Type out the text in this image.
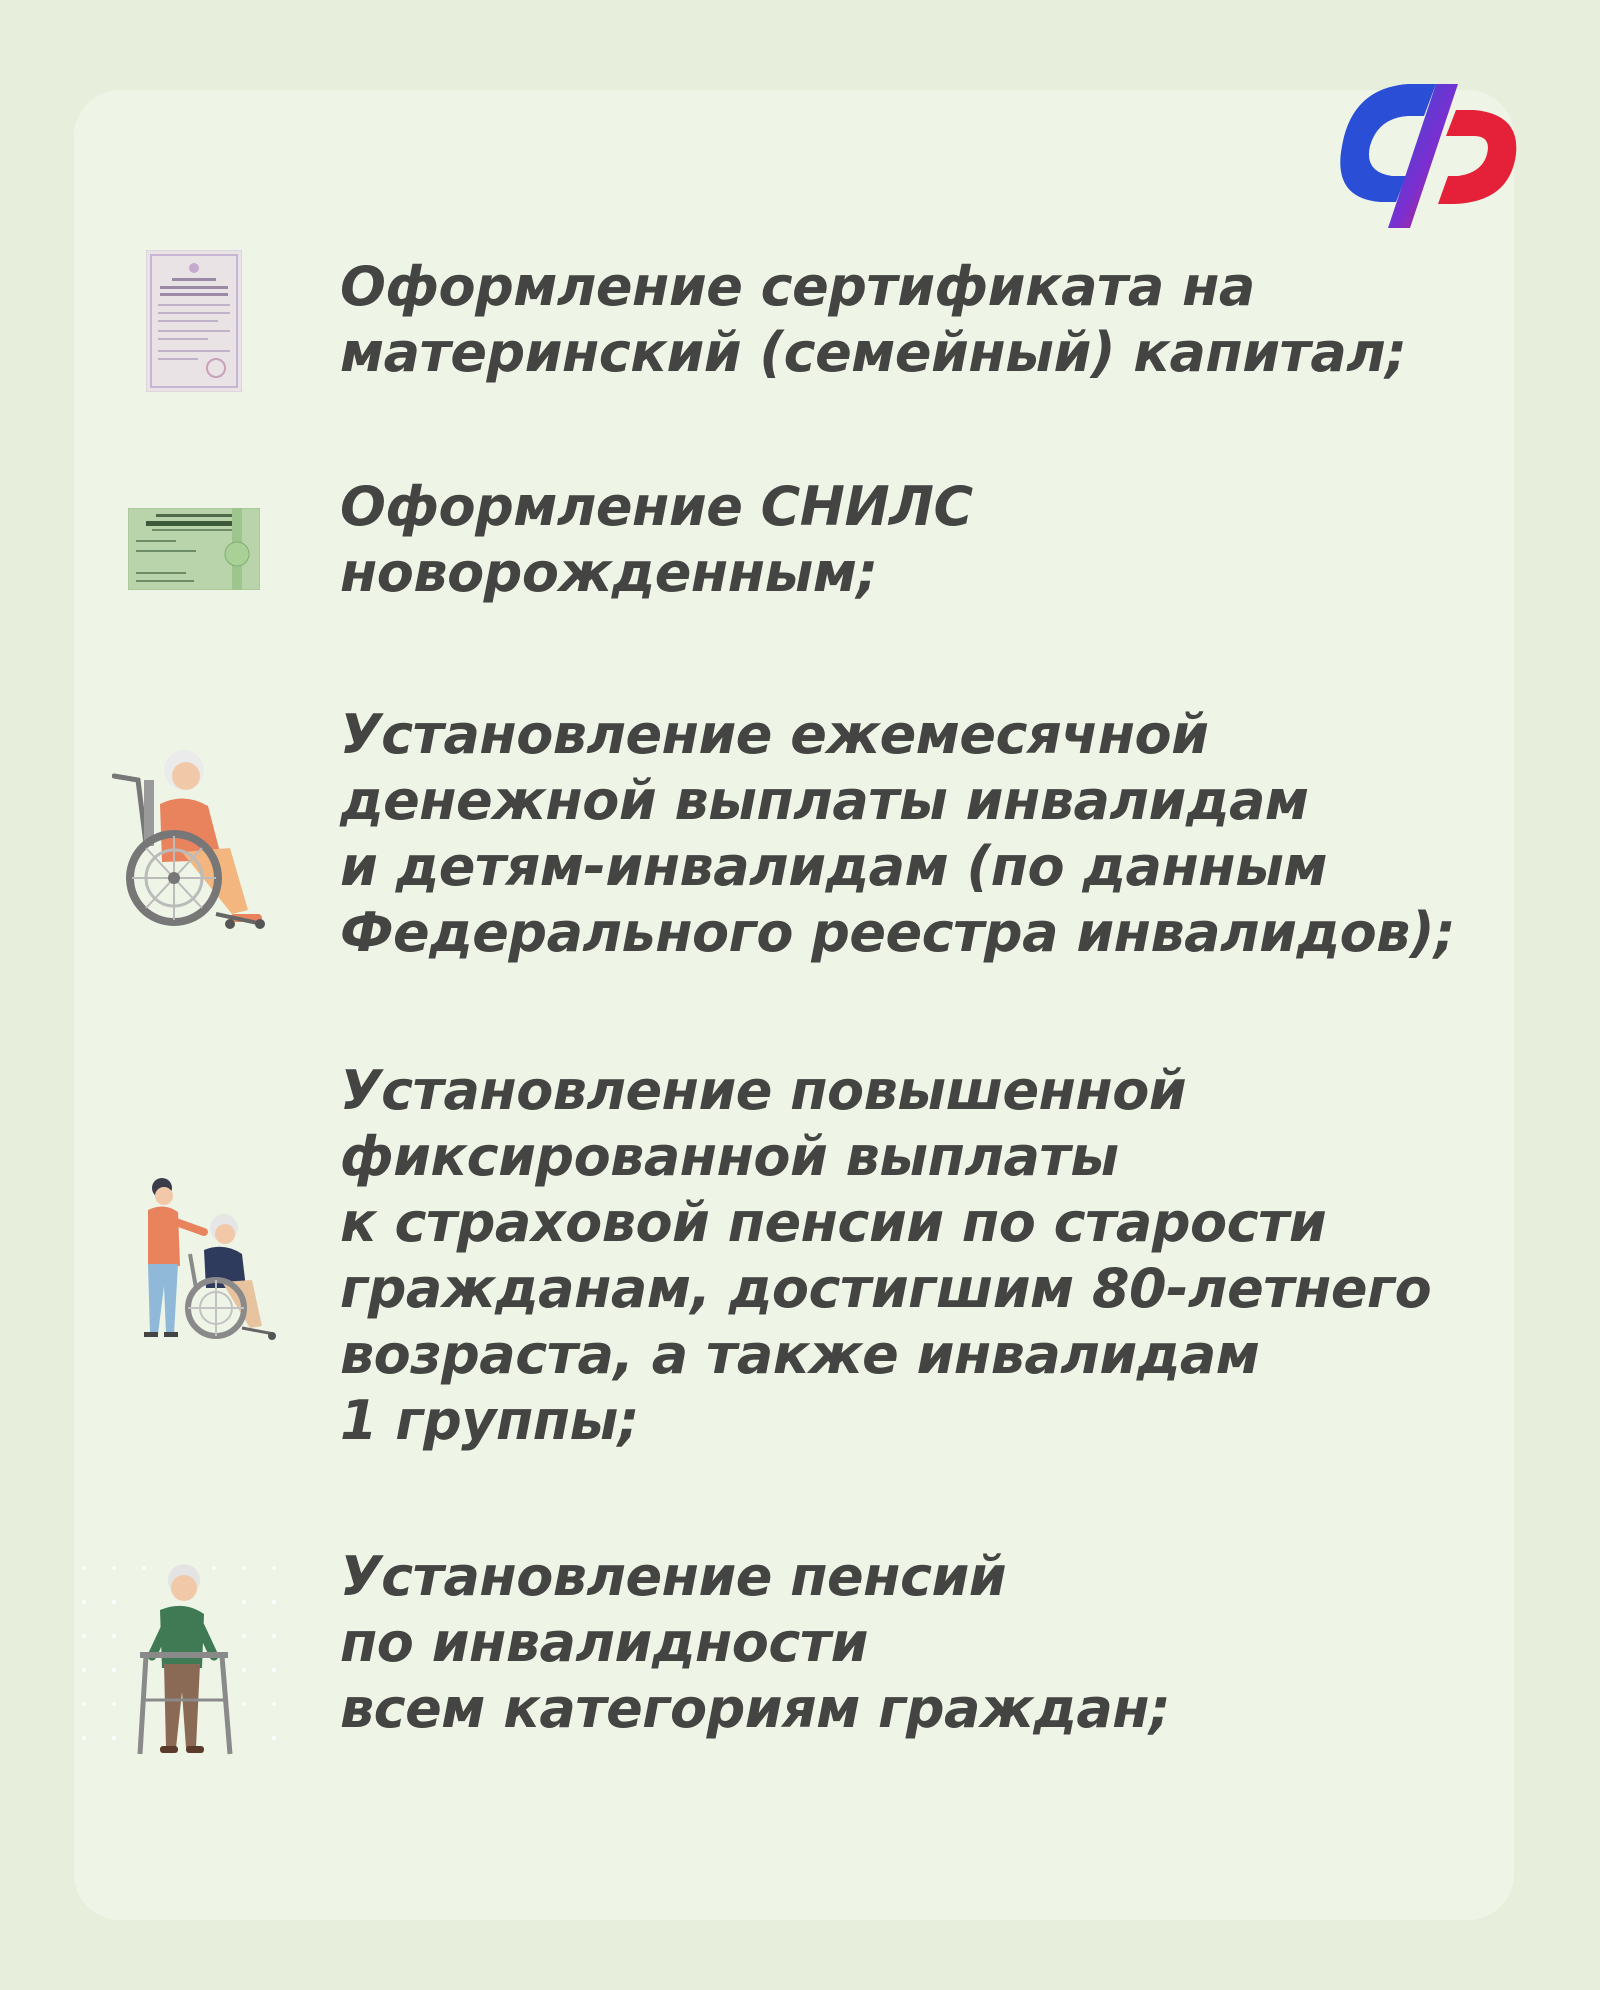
Оформление сертификата на
материнский (семейный) капитал;

Оформление СНИЛС
новорожденным;

Установление ежемесячной
денежной выплаты инвалидам
и детям-инвалидам (по данным
Федерального реестра инвалидов);

Установление повышенной
фиксированной выплаты
к страховой пенсии по старости
гражданам, достигшим 80-летнего
возраста, а также инвалидам
1 группы;

Установление пенсий
по инвалидности
всем категориям граждан;
